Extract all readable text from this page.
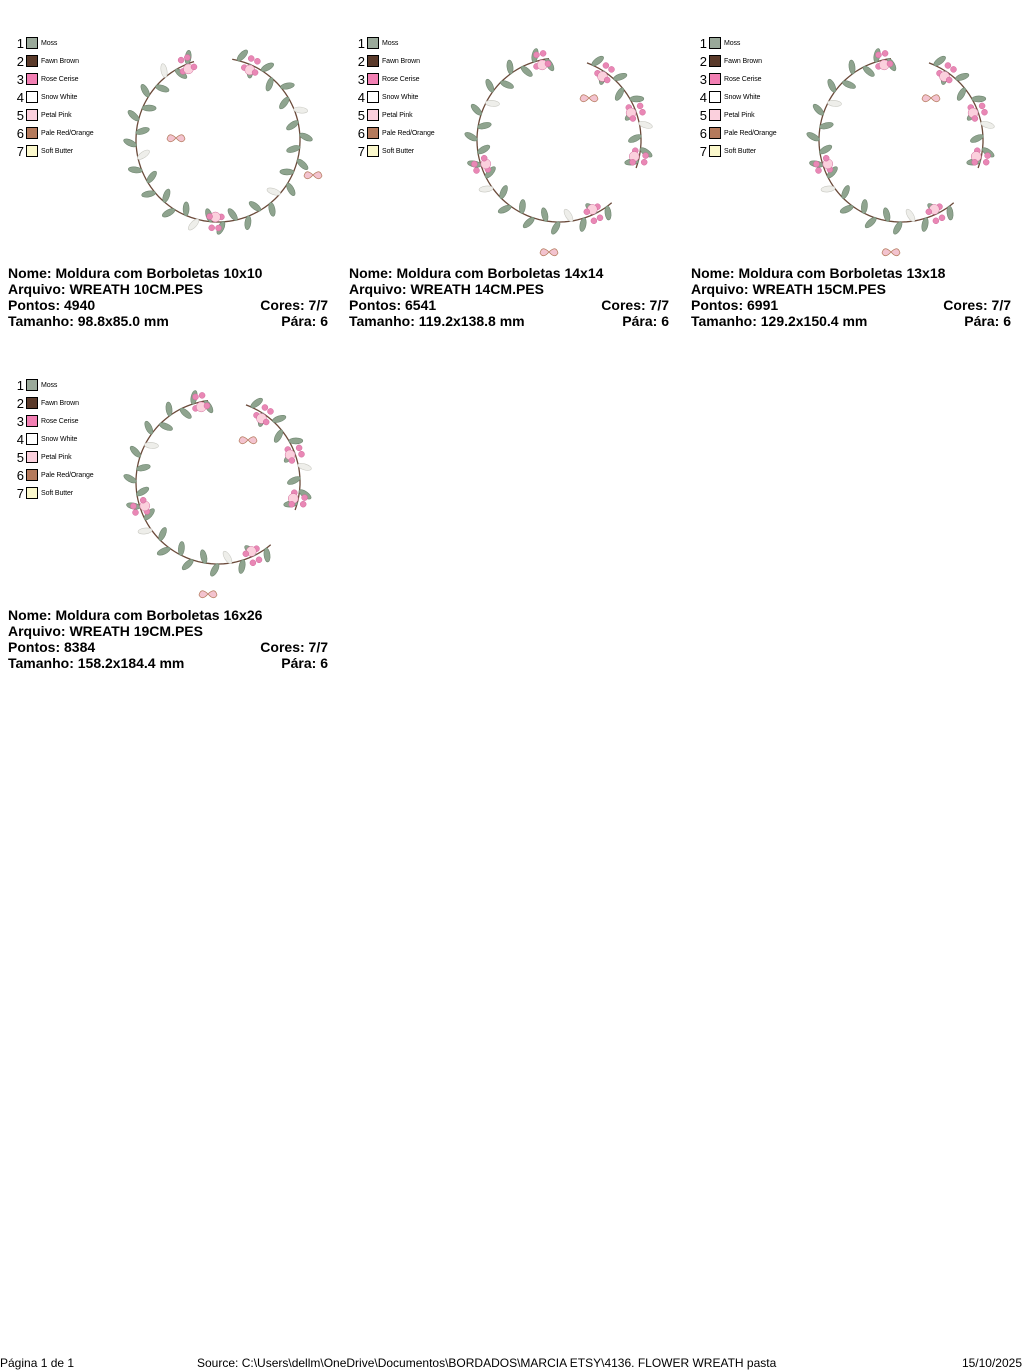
1 Moss
2 Fawn Brown
3 Rose Cerise
4 Snow White
5 Petal Pink
6 Pale Red/Orange
7 Soft Butter
Nome: Moldura com Borboletas 10x10
Arquivo: WREATH 10CM.PES
Pontos: 4940	Cores: 7/7
Tamanho: 98.8x85.0 mm	Pára: 6
1 Moss
2 Fawn Brown
3 Rose Cerise
4 Snow White
5 Petal Pink
6 Pale Red/Orange
7 Soft Butter
Nome: Moldura com Borboletas 14x14
Arquivo: WREATH 14CM.PES
Pontos: 6541	Cores: 7/7
Tamanho: 119.2x138.8 mm	Pára: 6
1 Moss
2 Fawn Brown
3 Rose Cerise
4 Snow White
5 Petal Pink
6 Pale Red/Orange
7 Soft Butter
Nome: Moldura com Borboletas 13x18
Arquivo: WREATH 15CM.PES
Pontos: 6991	Cores: 7/7
Tamanho: 129.2x150.4 mm	Pára: 6
1 Moss
2 Fawn Brown
3 Rose Cerise
4 Snow White
5 Petal Pink
6 Pale Red/Orange
7 Soft Butter
Nome: Moldura com Borboletas 16x26
Arquivo: WREATH 19CM.PES
Pontos: 8384	Cores: 7/7
Tamanho: 158.2x184.4 mm	Pára: 6
Página 1 de 1	Source: C:\Users\dellm\OneDrive\Documentos\BORDADOS\MARCIA ETSY\4136. FLOWER WREATH pasta	15/10/2025
